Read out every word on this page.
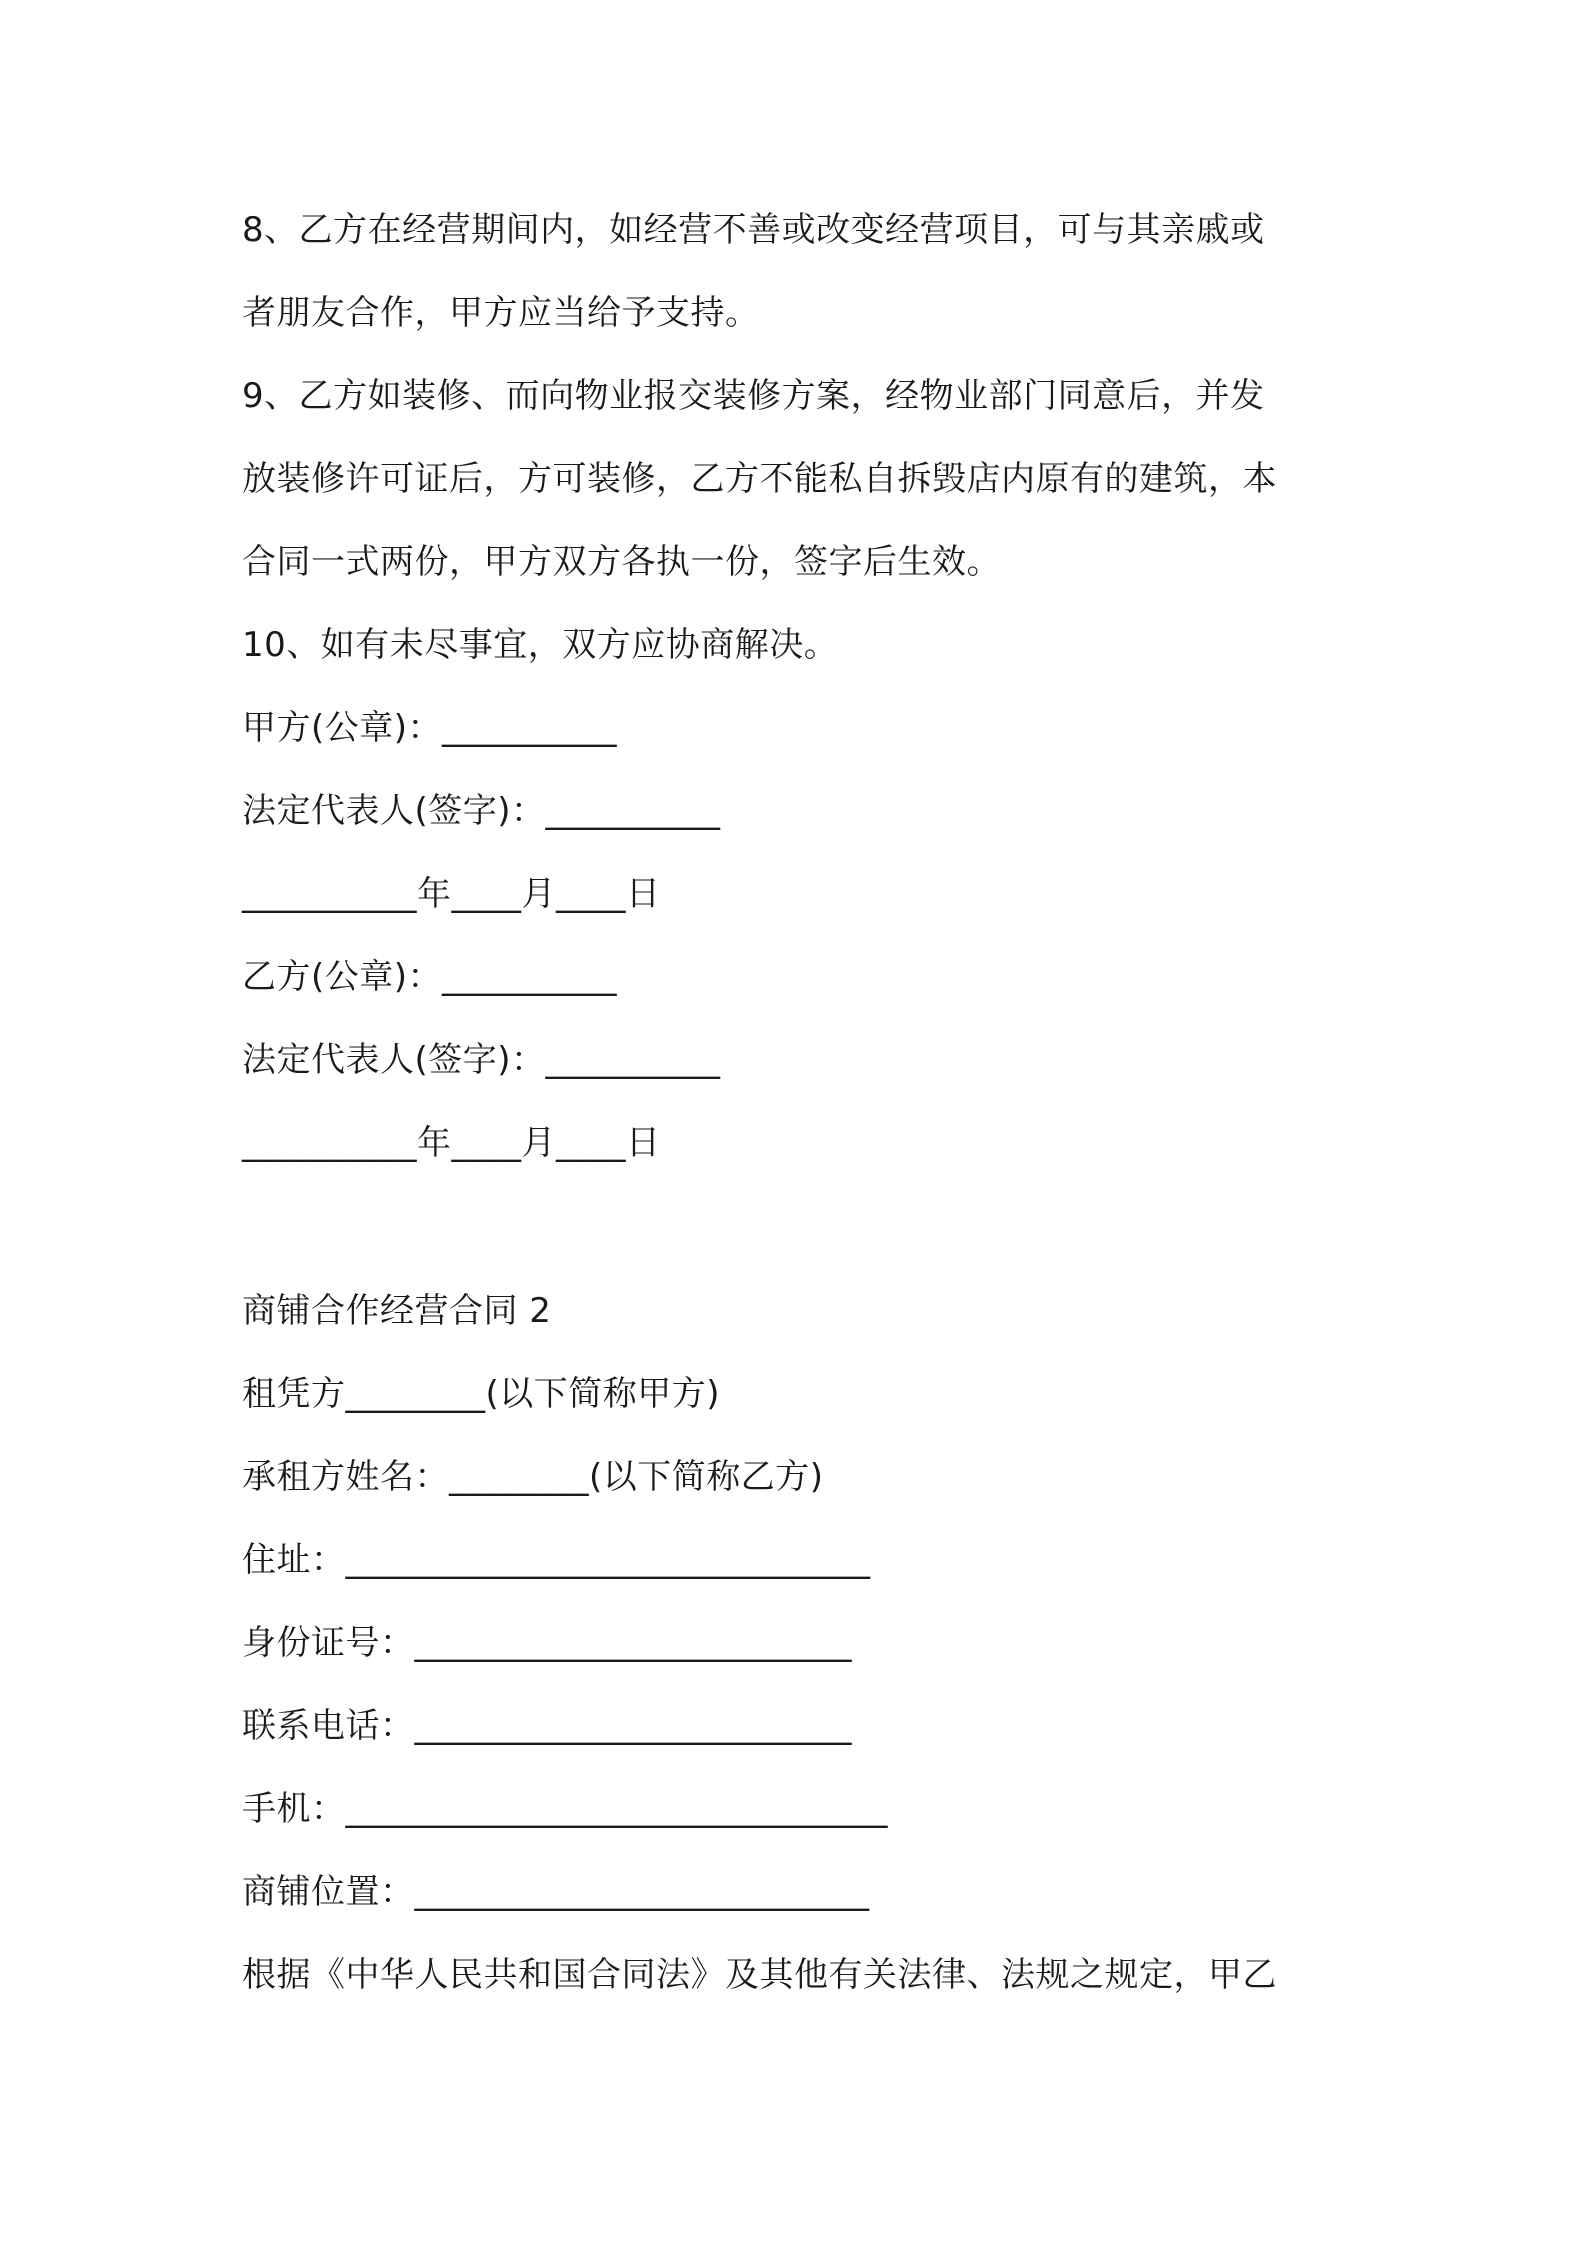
8、乙方在经营期间内，如经营不善或改变经营项目，可与其亲戚或
者朋友合作，甲方应当给予支持。
9、乙方如装修、而向物业报交装修方案，经物业部门同意后，并发
放装修许可证后，方可装修，乙方不能私自拆毁店内原有的建筑，本
合同一式两份，甲方双方各执一份，签字后生效。
10、如有未尽事宜，双方应协商解决。
甲方(公章)：__________
法定代表人(签字)：__________
__________年____月____日
乙方(公章)：__________
法定代表人(签字)：__________
__________年____月____日
商铺合作经营合同 2
租凭方________(以下简称甲方)
承租方姓名：________(以下简称乙方)
住址：______________________________
身份证号：_________________________
联系电话：_________________________
手机：_______________________________
商铺位置：__________________________
根据《中华人民共和国合同法》及其他有关法律、法规之规定，甲乙
